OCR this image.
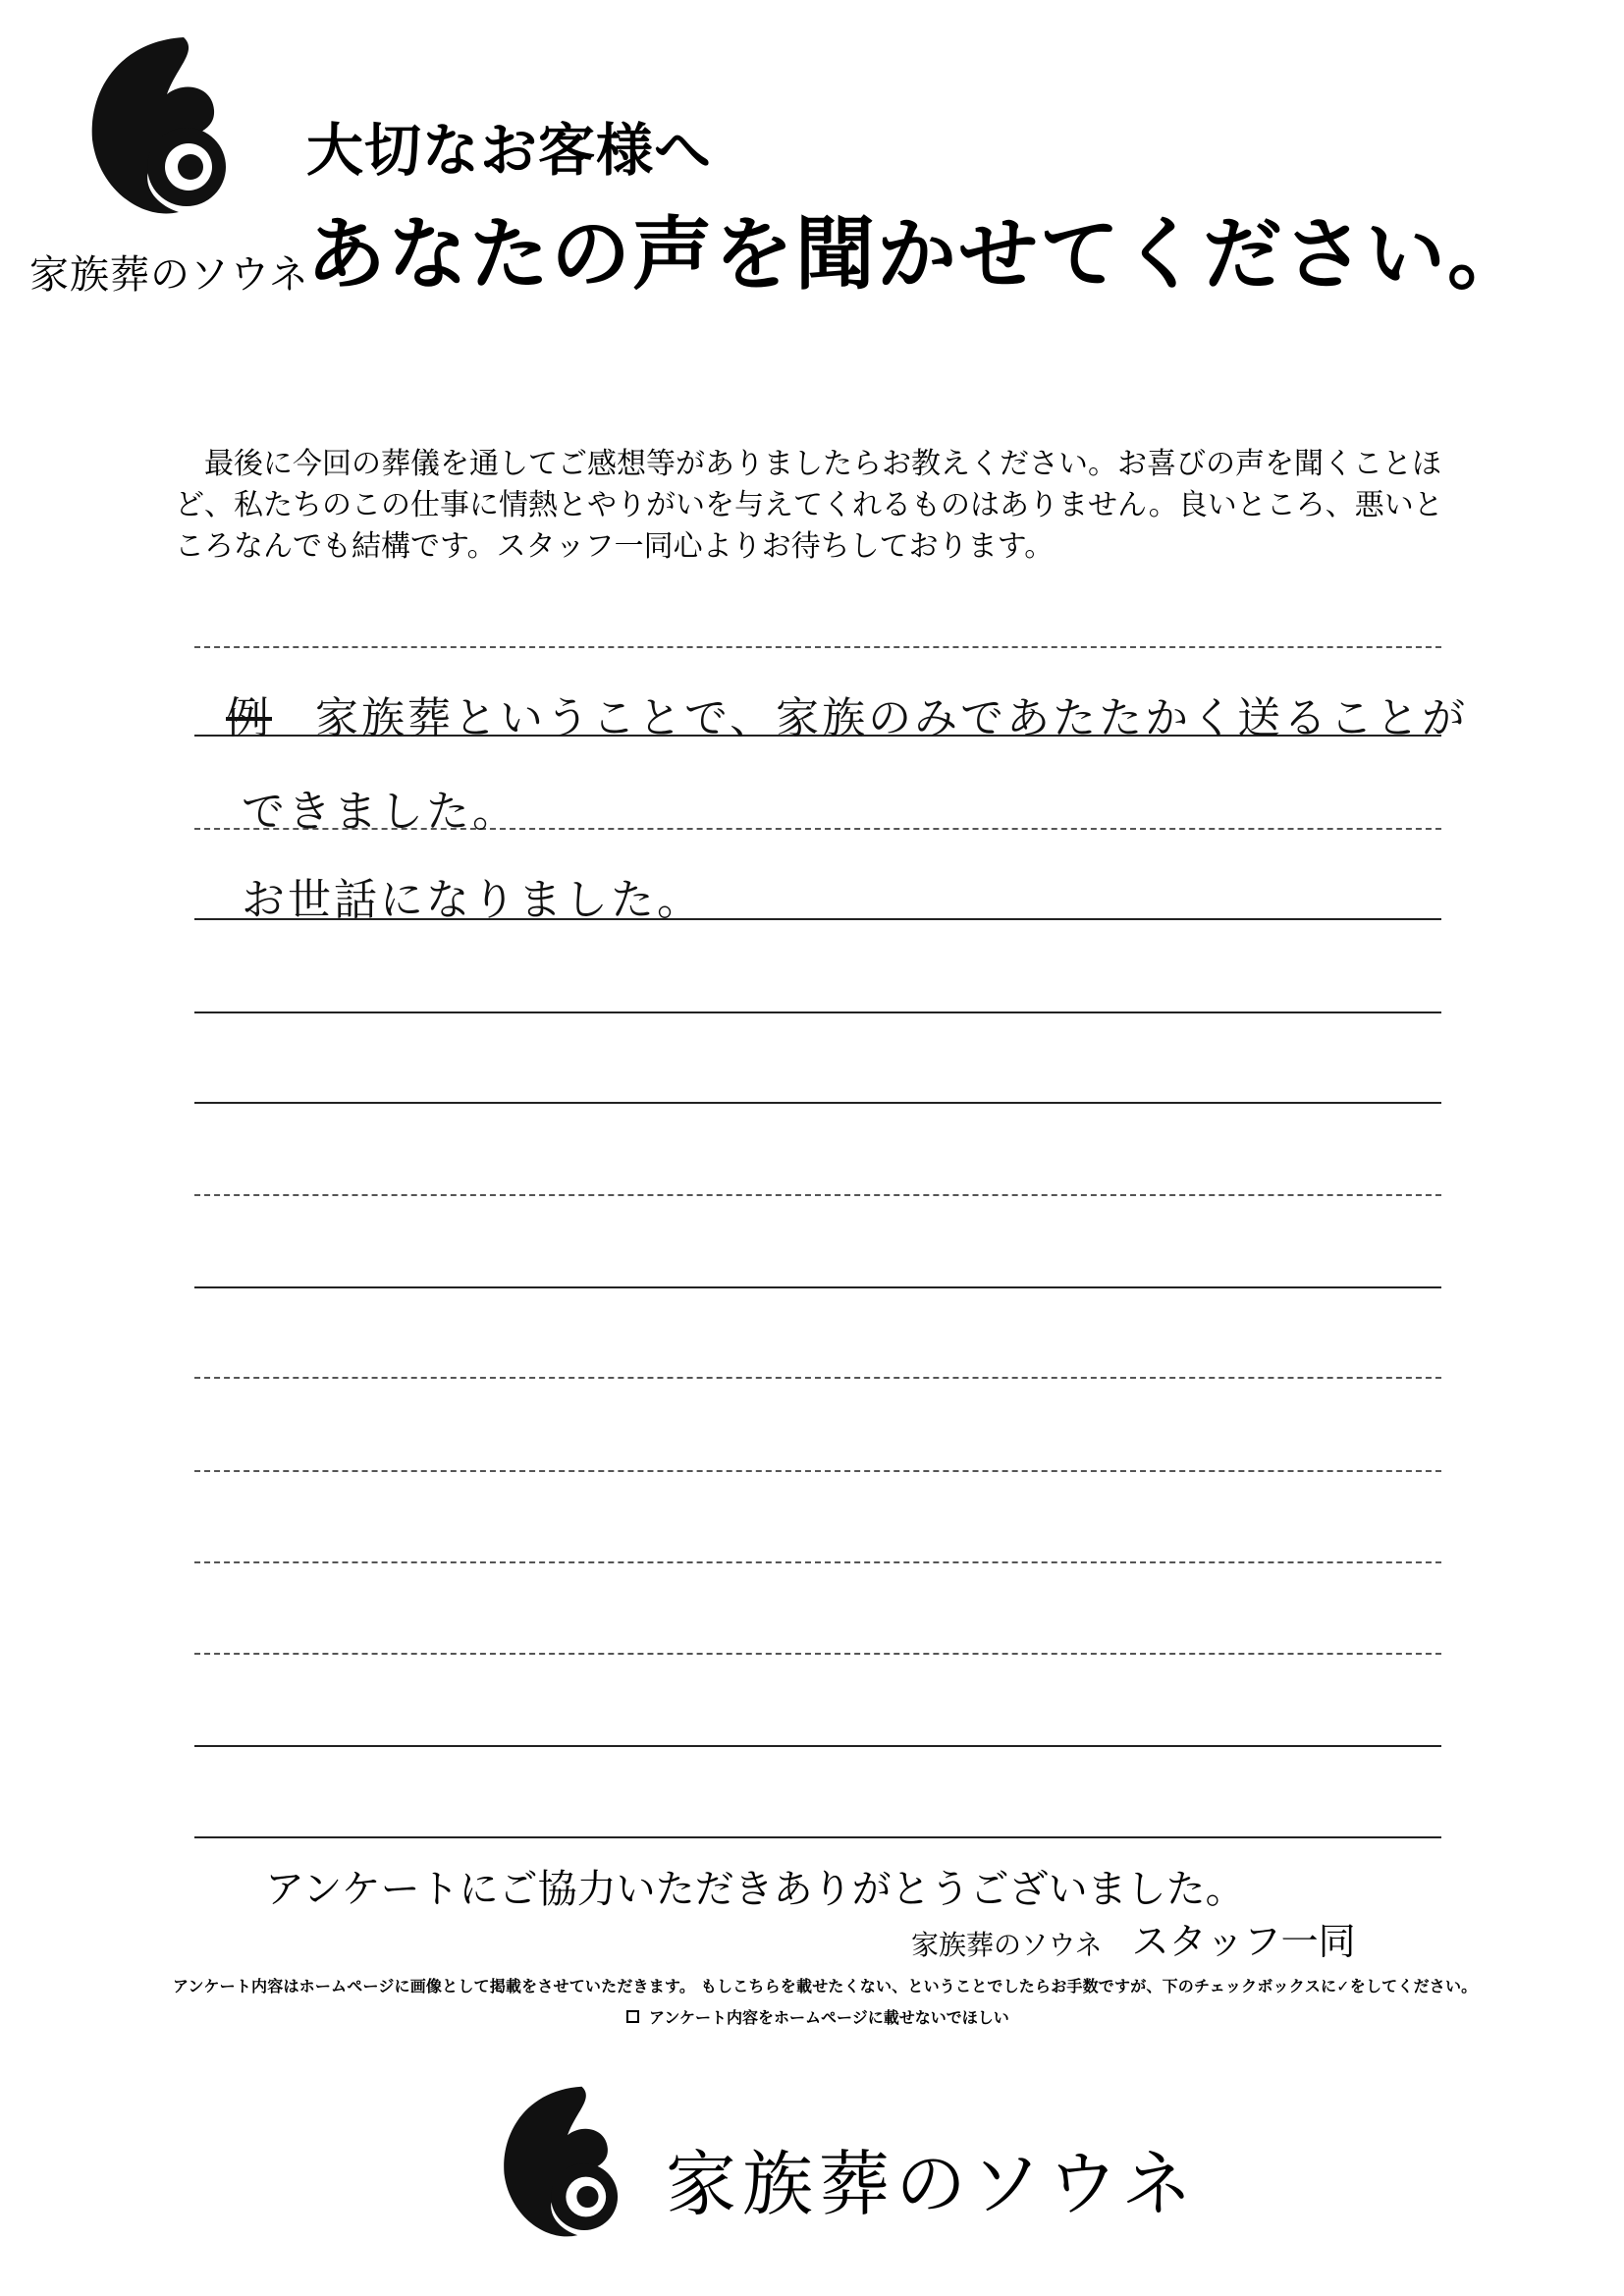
家族葬のソウネ
大切なお客様へ
あなたの声を聞かせてください。

最後に今回の葬儀を通してご感想等がありましたらお教えください。お喜びの声を聞くことほど、私たちのこの仕事に情熱とやりがいを与えてくれるものはありません。良いところ、悪いところなんでも結構です。スタッフ一同心よりお待ちしております。

例 家族葬ということで、家族のみであたたかく送ることが
できました。
お世話になりました。
アンケートにご協力いただきありがとうございました。
家族葬のソウネ スタッフ一同
アンケート内容はホームページに画像として掲載をさせていただきます。 もしこちらを載せたくない、ということでしたらお手数ですが、下のチェックボックスに✓をしてください。
アンケート内容をホームページに載せないでほしい
家族葬のソウネ
